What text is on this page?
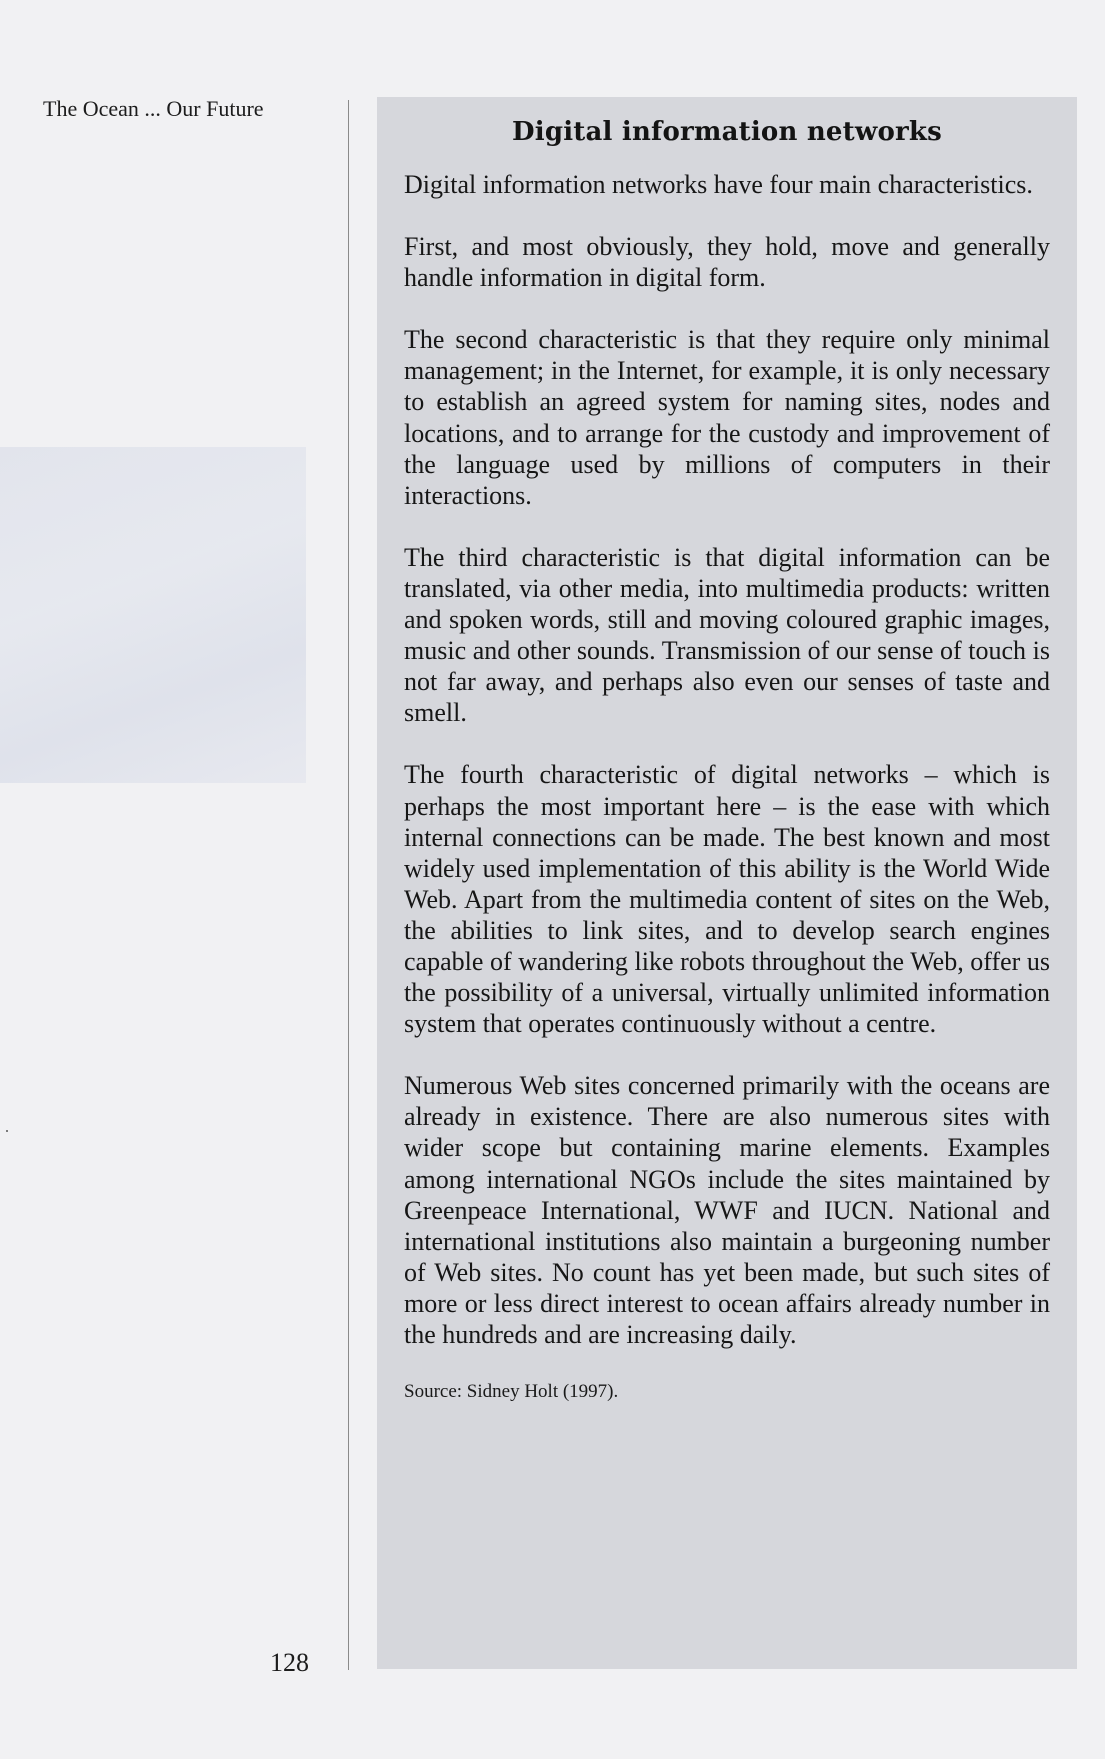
The Ocean ... Our Future

Digital information networks

Digital information networks have four main characteristics.

First, and most obviously, they hold, move and generally handle information in digital form.

The second characteristic is that they require only minimal management; in the Internet, for example, it is only necessary to establish an agreed system for naming sites, nodes and locations, and to arrange for the custody and improvement of the language used by millions of computers in their interactions.

The third characteristic is that digital information can be translated, via other media, into multimedia products: written and spoken words, still and moving coloured graphic images, music and other sounds. Transmission of our sense of touch is not far away, and perhaps also even our senses of taste and smell.

The fourth characteristic of digital networks – which is perhaps the most important here – is the ease with which internal connections can be made. The best known and most widely used implementation of this ability is the World Wide Web. Apart from the multimedia content of sites on the Web, the abilities to link sites, and to develop search engines capable of wandering like robots throughout the Web, offer us the possibility of a universal, virtually unlimited information system that operates continuously without a centre.

Numerous Web sites concerned primarily with the oceans are already in existence. There are also numerous sites with wider scope but containing marine elements. Examples among international NGOs include the sites maintained by Greenpeace International, WWF and IUCN. National and international institutions also maintain a burgeoning number of Web sites. No count has yet been made, but such sites of more or less direct interest to ocean affairs already number in the hundreds and are increasing daily.

Source: Sidney Holt (1997).

128
